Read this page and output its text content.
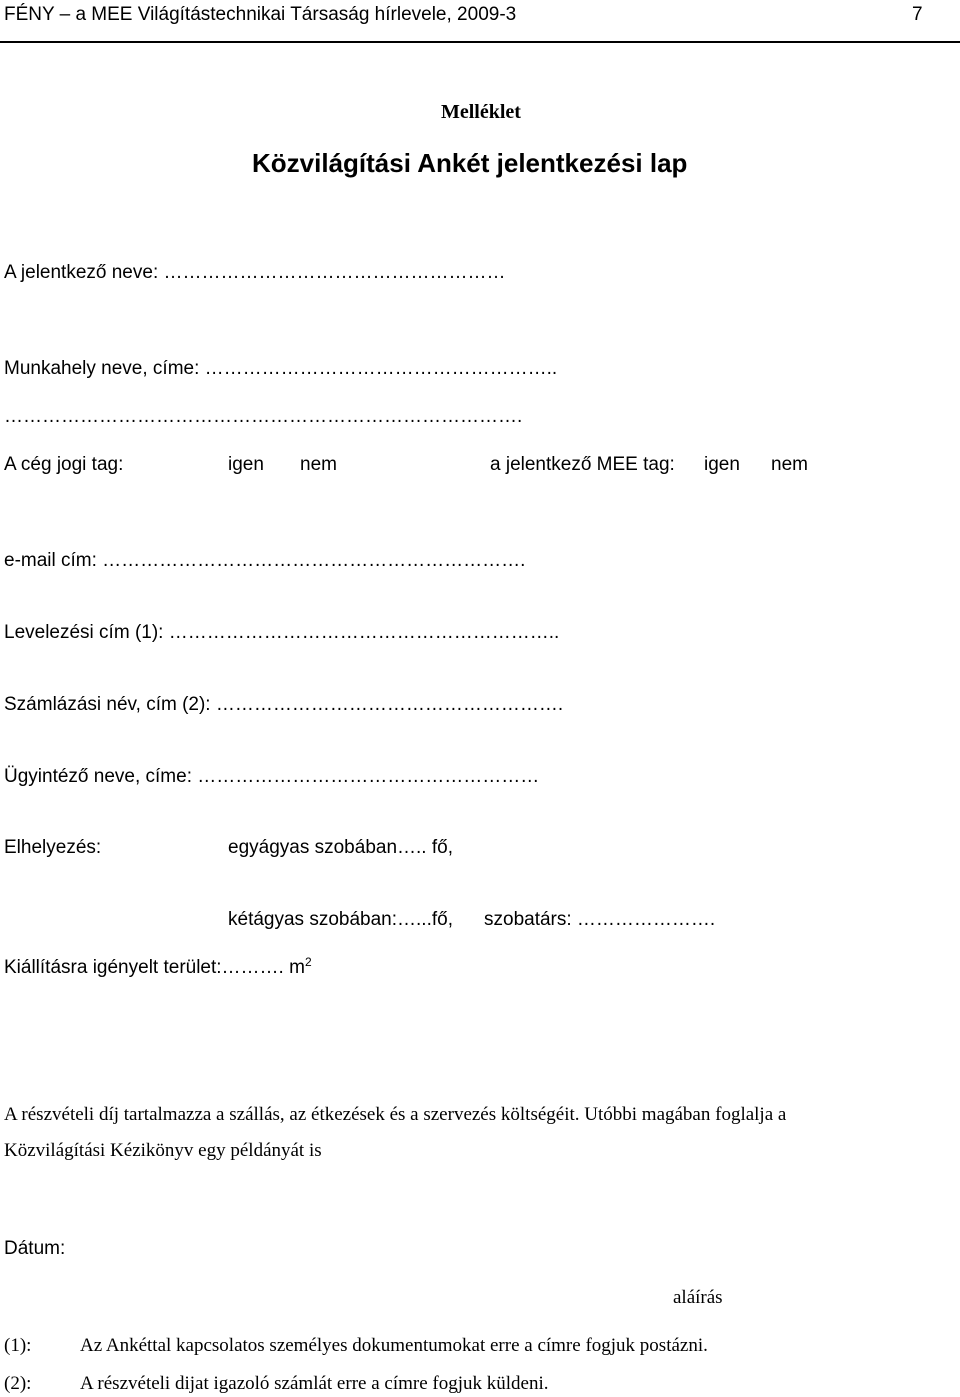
FÉNY – a MEE Világítástechnikai Társaság hírlevele, 2009-3	7
Melléklet
Közvilágítási Ankét jelentkezési lap
A jelentkező neve: ………………………………………………
Munkahely neve, címe: ………………………………………………..
……………………………………………………………………….
A cég jogi tag:	igen nem	a jelentkező MEE tag: igen nem
e-mail cím: ………………………………………………………….
Levelezési cím (1): ……………………………………………………..
Számlázási név, cím (2): ……………………………………………….
Ügyintéző neve, címe: ………………………………………………
Elhelyezés:	egyágyas szobában….. fő,
kétágyas szobában:…...fő, szobatárs: ………………….
Kiállításra igényelt terület:………. $m^2$
A részvételi díj tartalmazza a szállás, az étkezések és a szervezés költségéit. Utóbbi magában foglalja a
Közvilágítási Kézikönyv egy példányát is
Dátum:
aláírás
(1):	Az Ankéttal kapcsolatos személyes dokumentumokat erre a címre fogjuk postázni.
(2):	A részvételi dijat igazoló számlát erre a címre fogjuk küldeni.
